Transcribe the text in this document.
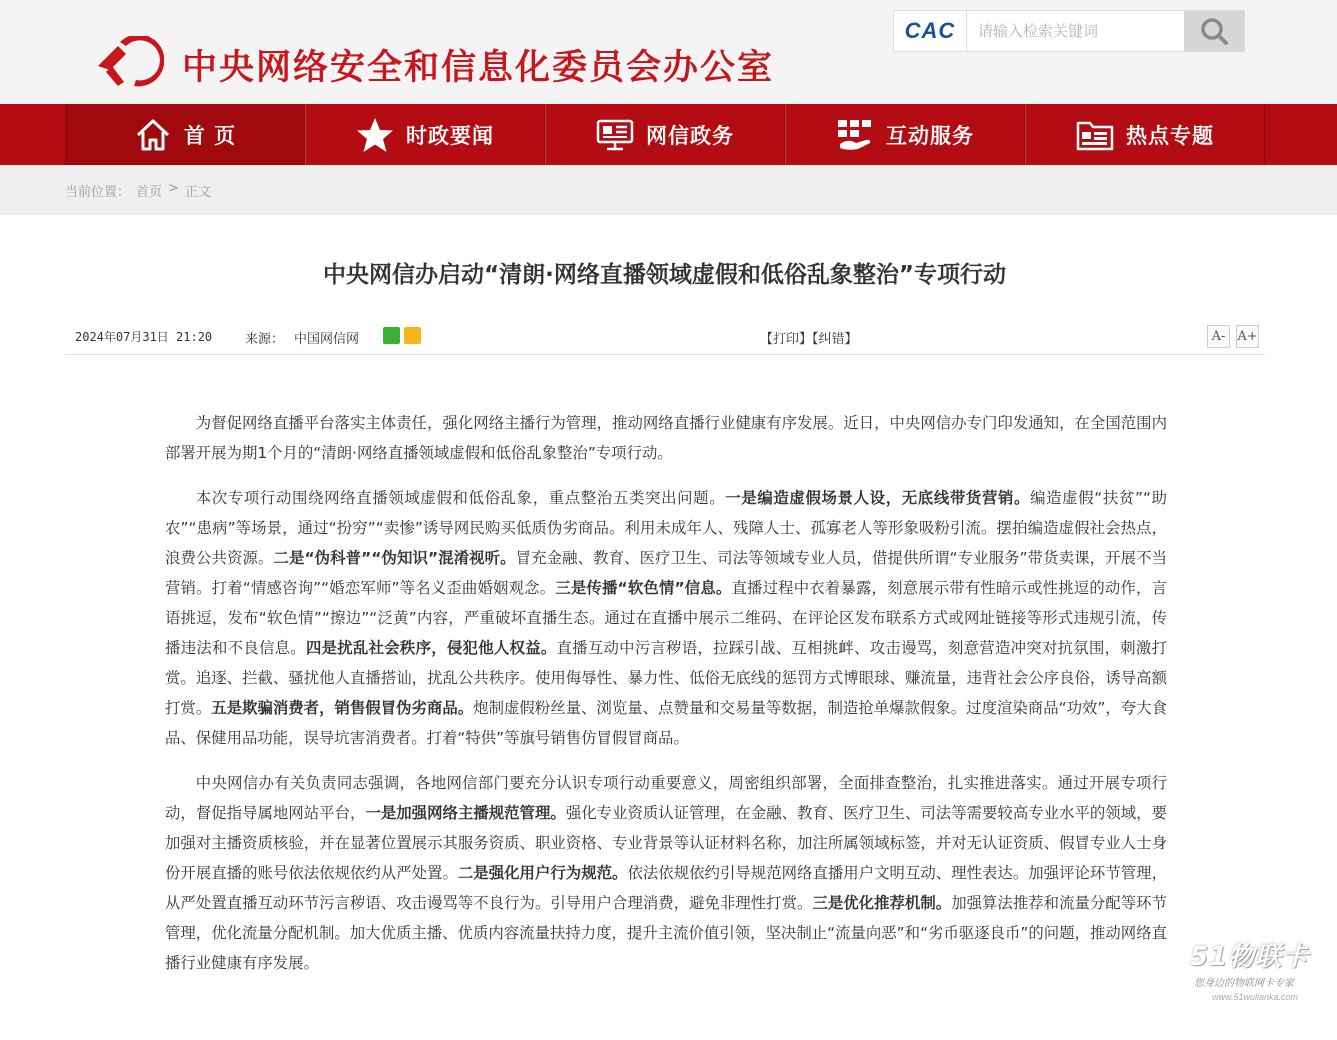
中央网络安全和信息化委员会办公室
CAC
请输入检索关键词
首 页	时政要闻	网信政务	互动服务	热点专题
当前位置： 首页 > 正文
中央网信办启动“清朗·网络直播领域虚假和低俗乱象整治”专项行动
2024年07月31日 21:20	来源： 中国网信网	【打印】【纠错】	A- A+

为督促网络直播平台落实主体责任，强化网络主播行为管理，推动网络直播行业健康有序发展。近日，中央网信办专门印发通知，在全国范围内部署开展为期1个月的“清朗·网络直播领域虚假和低俗乱象整治”专项行动。

本次专项行动围绕网络直播领域虚假和低俗乱象，重点整治五类突出问题。一是编造虚假场景人设，无底线带货营销。编造虚假“扶贫”“助农”“患病”等场景，通过“扮穷”“卖惨”诱导网民购买低质伪劣商品。利用未成年人、残障人士、孤寡老人等形象吸粉引流。摆拍编造虚假社会热点，浪费公共资源。二是“伪科普”“伪知识”混淆视听。冒充金融、教育、医疗卫生、司法等领域专业人员，借提供所谓“专业服务”带货卖课，开展不当营销。打着“情感咨询”“婚恋军师”等名义歪曲婚姻观念。三是传播“软色情”信息。直播过程中衣着暴露，刻意展示带有性暗示或性挑逗的动作，言语挑逗，发布“软色情”“擦边”“泛黄”内容，严重破坏直播生态。通过在直播中展示二维码、在评论区发布联系方式或网址链接等形式违规引流，传播违法和不良信息。四是扰乱社会秩序，侵犯他人权益。直播互动中污言秽语，拉踩引战、互相挑衅、攻击谩骂，刻意营造冲突对抗氛围，刺激打赏。追逐、拦截、骚扰他人直播搭讪，扰乱公共秩序。使用侮辱性、暴力性、低俗无底线的惩罚方式博眼球、赚流量，违背社会公序良俗，诱导高额打赏。五是欺骗消费者，销售假冒伪劣商品。炮制虚假粉丝量、浏览量、点赞量和交易量等数据，制造抢单爆款假象。过度渲染商品“功效”，夸大食品、保健用品功能，误导坑害消费者。打着“特供”等旗号销售仿冒假冒商品。

中央网信办有关负责同志强调，各地网信部门要充分认识专项行动重要意义，周密组织部署，全面排查整治，扎实推进落实。通过开展专项行动，督促指导属地网站平台，一是加强网络主播规范管理。强化专业资质认证管理，在金融、教育、医疗卫生、司法等需要较高专业水平的领域，要加强对主播资质核验，并在显著位置展示其服务资质、职业资格、专业背景等认证材料名称，加注所属领域标签，并对无认证资质、假冒专业人士身份开展直播的账号依法依规依约从严处置。二是强化用户行为规范。依法依规依约引导规范网络直播用户文明互动、理性表达。加强评论环节管理，从严处置直播互动环节污言秽语、攻击谩骂等不良行为。引导用户合理消费，避免非理性打赏。三是优化推荐机制。加强算法推荐和流量分配等环节管理，优化流量分配机制。加大优质主播、优质内容流量扶持力度，提升主流价值引领，坚决制止“流量向恶”和“劣币驱逐良币”的问题，推动网络直播行业健康有序发展。	51物联卡
您身边的物联网卡专家
www.51wulianka.com
